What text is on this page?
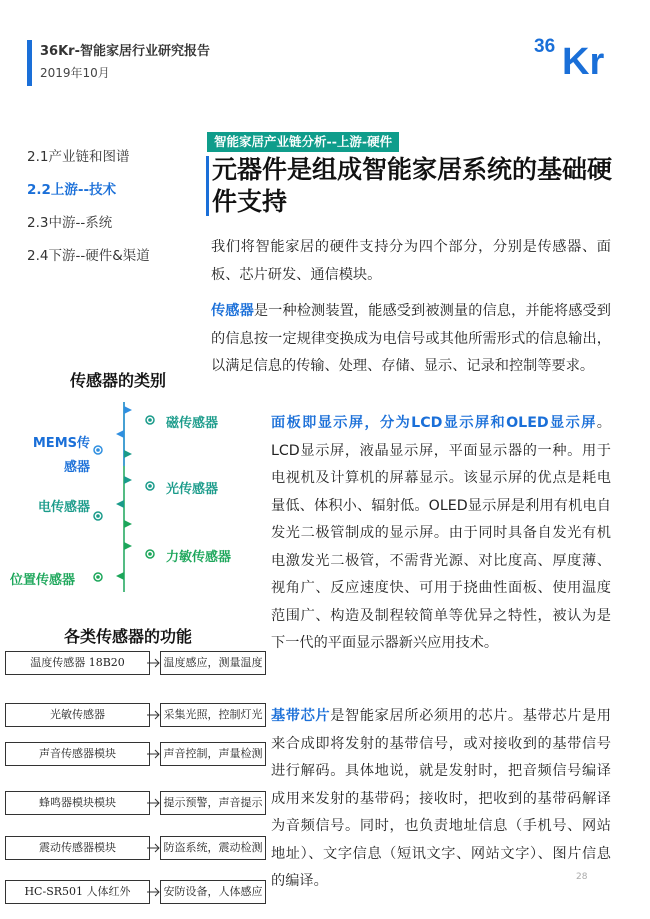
36Kr-智能家居行业研究报告
2019年10月
36 Kr
2.1产业链和图谱
2.2上游--技术
2.3中游--系统
2.4下游--硬件&渠道
智能家居产业链分析--上游-硬件
元器件是组成智能家居系统的基础硬件支持
我们将智能家居的硬件支持分为四个部分，分别是传感器、面板、芯片研发、通信模块。
传感器是一种检测装置，能感受到被测量的信息，并能将感受到的信息按一定规律变换成为电信号或其他所需形式的信息输出，以满足信息的传输、处理、存储、显示、记录和控制等要求。
面板即显示屏，分为LCD显示屏和OLED显示屏。LCD显示屏，液晶显示屏，平面显示器的一种。用于电视机及计算机的屏幕显示。该显示屏的优点是耗电量低、体积小、辐射低。OLED显示屏是利用有机电自发光二极管制成的显示屏。由于同时具备自发光有机电激发光二极管，不需背光源、对比度高、厚度薄、视角广、反应速度快、可用于挠曲性面板、使用温度范围广、构造及制程较简单等优异之特性，被认为是下一代的平面显示器新兴应用技术。
基带芯片是智能家居所必须用的芯片。基带芯片是用来合成即将发射的基带信号，或对接收到的基带信号进行解码。具体地说，就是发射时，把音频信号编译成用来发射的基带码；接收时，把收到的基带码解译为音频信号。同时，也负责地址信息（手机号、网站地址）、文字信息（短讯文字、网站文字）、图片信息的编译。
传感器的类别
磁传感器
光传感器
力敏传感器
MEMS传感器
电传感器
位置传感器
各类传感器的功能
温度传感器 18B20	温度感应，测量温度
光敏传感器	采集光照，控制灯光
声音传感器模块	声音控制，声量检测
蜂鸣器模块模块	提示预警，声音提示
震动传感器模块	防盗系统，震动检测
HC-SR501 人体红外	安防设备，人体感应
28
